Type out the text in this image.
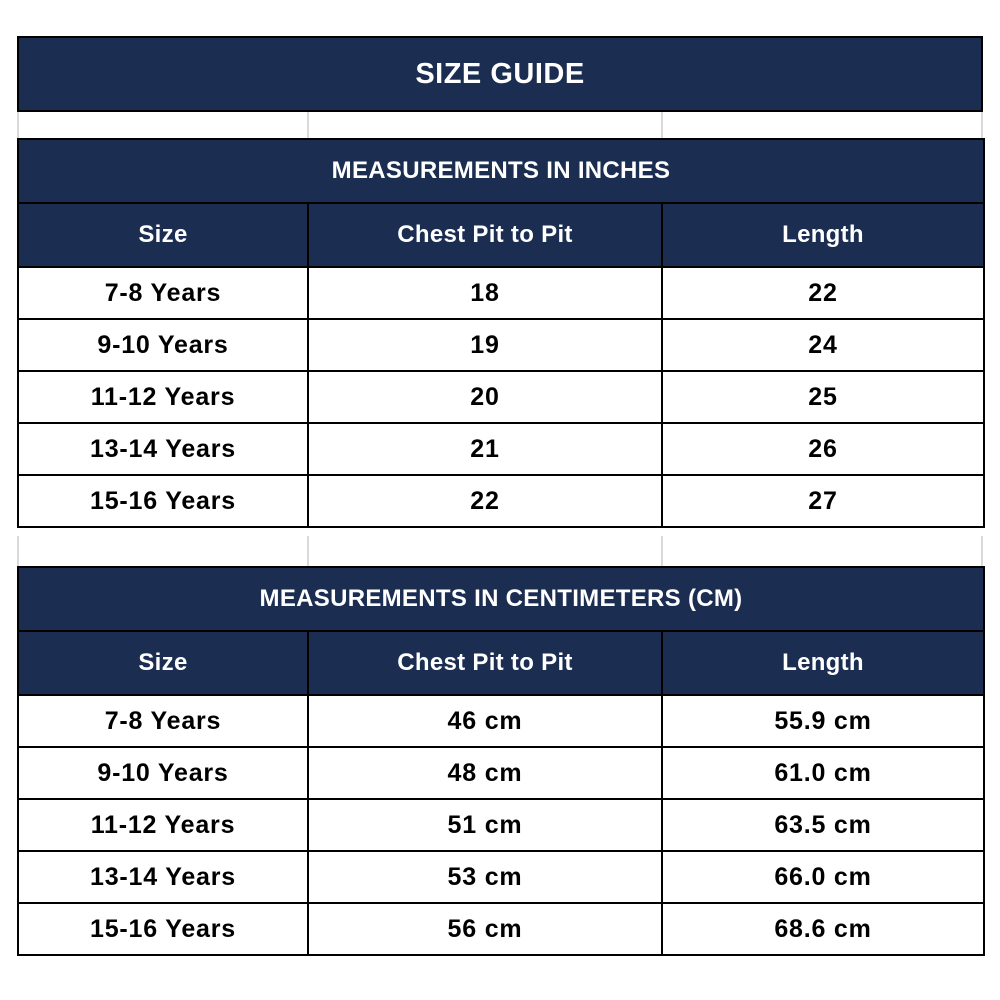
SIZE GUIDE
MEASUREMENTS IN INCHES		
Size	Chest Pit to Pit	Length
7-8 Years	18	22
9-10 Years	19	24
11-12 Years	20	25
13-14 Years	21	26
15-16 Years	22	27
MEASUREMENTS IN CENTIMETERS (CM)		
Size	Chest Pit to Pit	Length
7-8 Years	46 cm	55.9 cm
9-10 Years	48 cm	61.0 cm
11-12 Years	51 cm	63.5 cm
13-14 Years	53 cm	66.0 cm
15-16 Years	56 cm	68.6 cm
